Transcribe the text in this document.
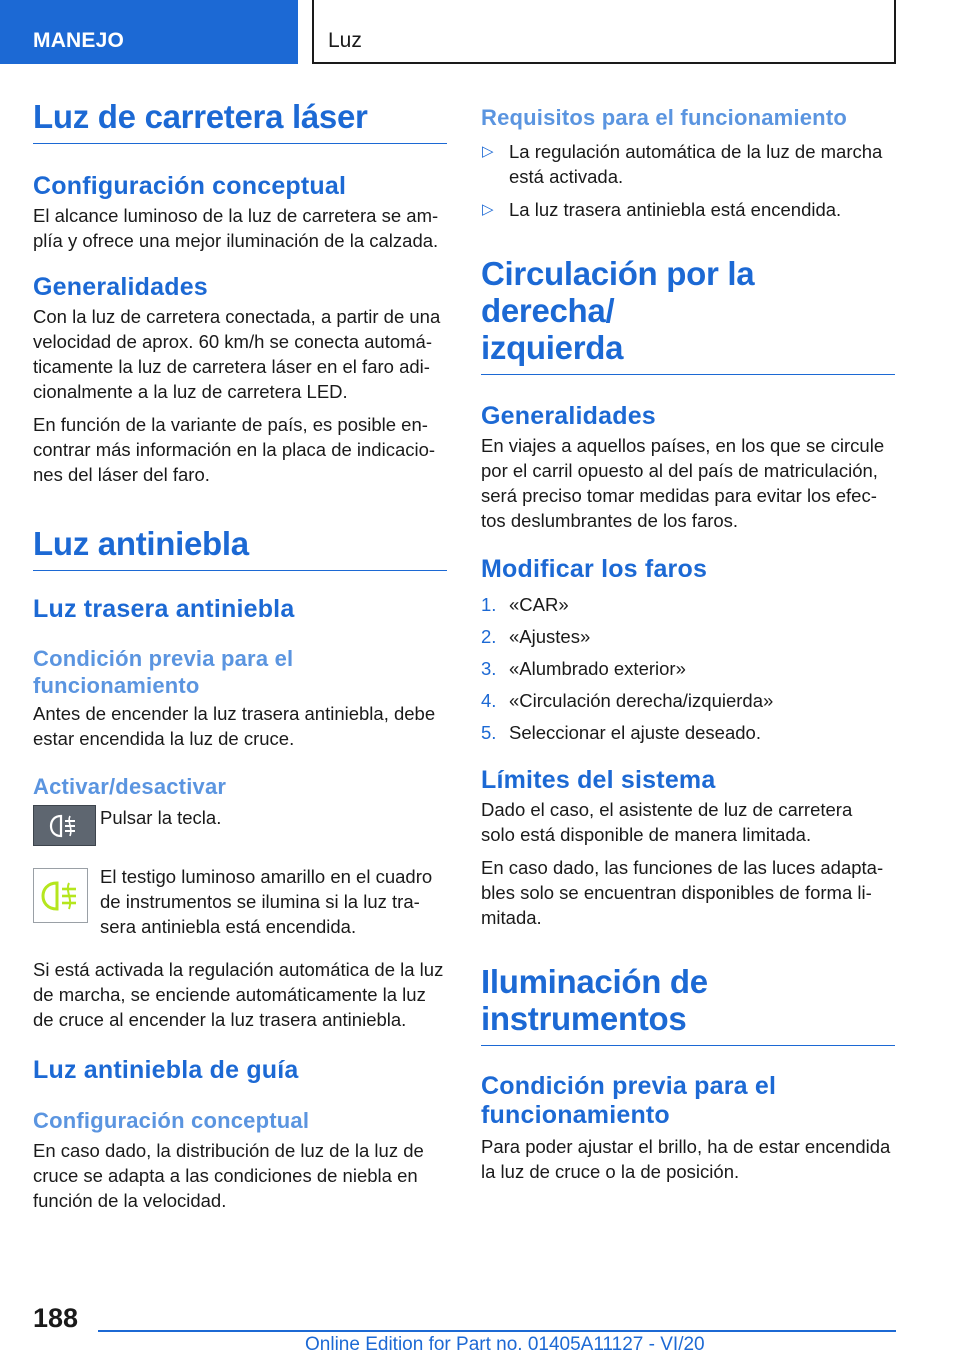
MANEJO	Luz
Luz de carretera láser
Configuración conceptual

El alcance luminoso de la luz de carretera se am-
plía y ofrece una mejor iluminación de la calzada.

Generalidades

Con la luz de carretera conectada, a partir de una
velocidad de aprox. 60 km/h se conecta automá-
ticamente la luz de carretera láser en el faro adi-
cionalmente a la luz de carretera LED.

En función de la variante de país, es posible en-
contrar más información en la placa de indicacio-
nes del láser del faro.

Luz antiniebla
Luz trasera antiniebla
Condición previa para el
funcionamiento

Antes de encender la luz trasera antiniebla, debe
estar encendida la luz de cruce.

Activar/desactivar

Pulsar la tecla.

El testigo luminoso amarillo en el cuadro
de instrumentos se ilumina si la luz tra-
sera antiniebla está encendida.

Si está activada la regulación automática de la luz
de marcha, se enciende automáticamente la luz
de cruce al encender la luz trasera antiniebla.

Luz antiniebla de guía
Configuración conceptual

En caso dado, la distribución de luz de la luz de
cruce se adapta a las condiciones de niebla en
función de la velocidad.

Requisitos para el funcionamiento
▷ La regulación automática de la luz de marcha
está activada.

▷ La luz trasera antiniebla está encendida.

Circulación por la derecha/
izquierda
Generalidades

En viajes a aquellos países, en los que se circule
por el carril opuesto al del país de matriculación,
será preciso tomar medidas para evitar los efec-
tos deslumbrantes de los faros.

Modificar los faros
1. «CAR»

2. «Ajustes»

3. «Alumbrado exterior»

4. «Circulación derecha/izquierda»

5. Seleccionar el ajuste deseado.

Límites del sistema

Dado el caso, el asistente de luz de carretera
solo está disponible de manera limitada.

En caso dado, las funciones de las luces adapta-
bles solo se encuentran disponibles de forma li-
mitada.

Iluminación de
instrumentos
Condición previa para el
funcionamiento

Para poder ajustar el brillo, ha de estar encendida
la luz de cruce o la de posición.

188
Online Edition for Part no. 01405A11127 - VI/20
